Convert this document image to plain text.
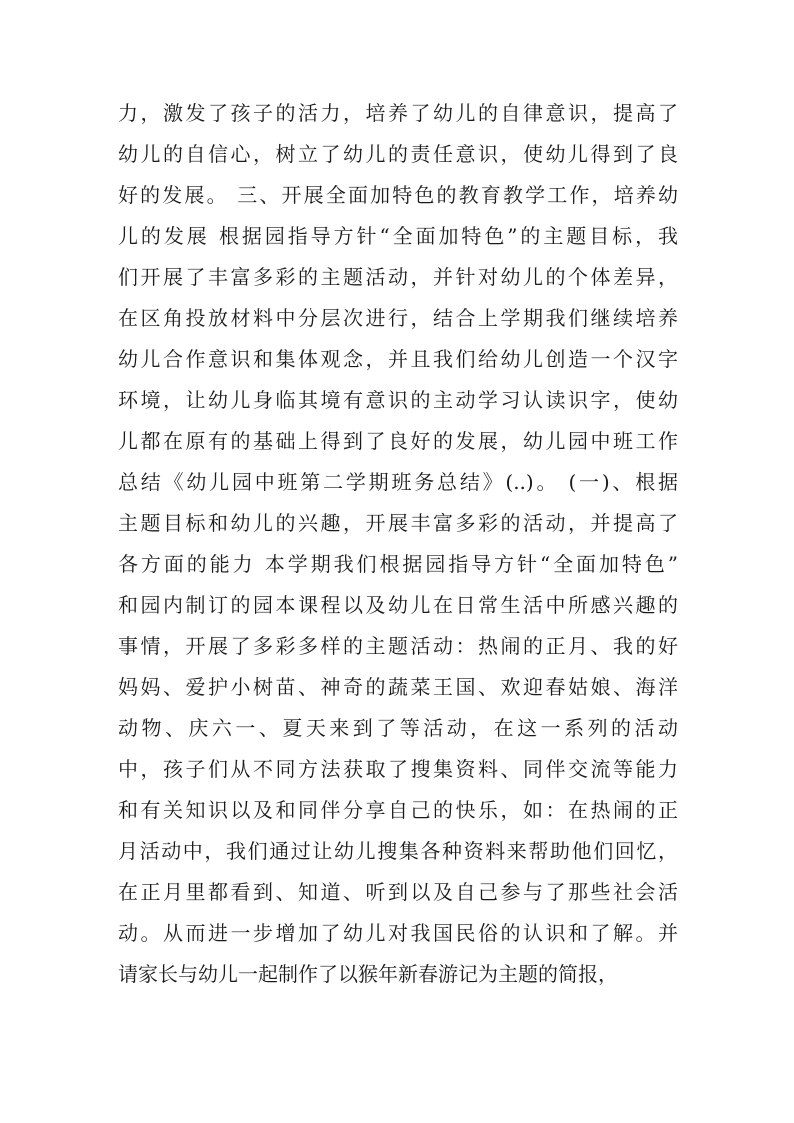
力，激发了孩子的活力，培养了幼儿的自律意识，提高了
幼儿的自信心，树立了幼儿的责任意识，使幼儿得到了良
好的发展。 三、开展全面加特色的教育教学工作，培养幼
儿的发展 根据园指导方针“全面加特色”的主题目标，我
们开展了丰富多彩的主题活动，并针对幼儿的个体差异，
在区角投放材料中分层次进行，结合上学期我们继续培养
幼儿合作意识和集体观念，并且我们给幼儿创造一个汉字
环境，让幼儿身临其境有意识的主动学习认读识字，使幼
儿都在原有的基础上得到了良好的发展，幼儿园中班工作
总结《幼儿园中班第二学期班务总结》(..)。 (一)、根据
主题目标和幼儿的兴趣，开展丰富多彩的活动，并提高了
各方面的能力 本学期我们根据园指导方针“全面加特色”
和园内制订的园本课程以及幼儿在日常生活中所感兴趣的
事情，开展了多彩多样的主题活动：热闹的正月、我的好
妈妈、爱护小树苗、神奇的蔬菜王国、欢迎春姑娘、海洋
动物、庆六一、夏天来到了等活动，在这一系列的活动
中，孩子们从不同方法获取了搜集资料、同伴交流等能力
和有关知识以及和同伴分享自己的快乐，如：在热闹的正
月活动中，我们通过让幼儿搜集各种资料来帮助他们回忆，
在正月里都看到、知道、听到以及自己参与了那些社会活
动。从而进一步增加了幼儿对我国民俗的认识和了解。并
请家长与幼儿一起制作了以猴年新春游记为主题的简报，
